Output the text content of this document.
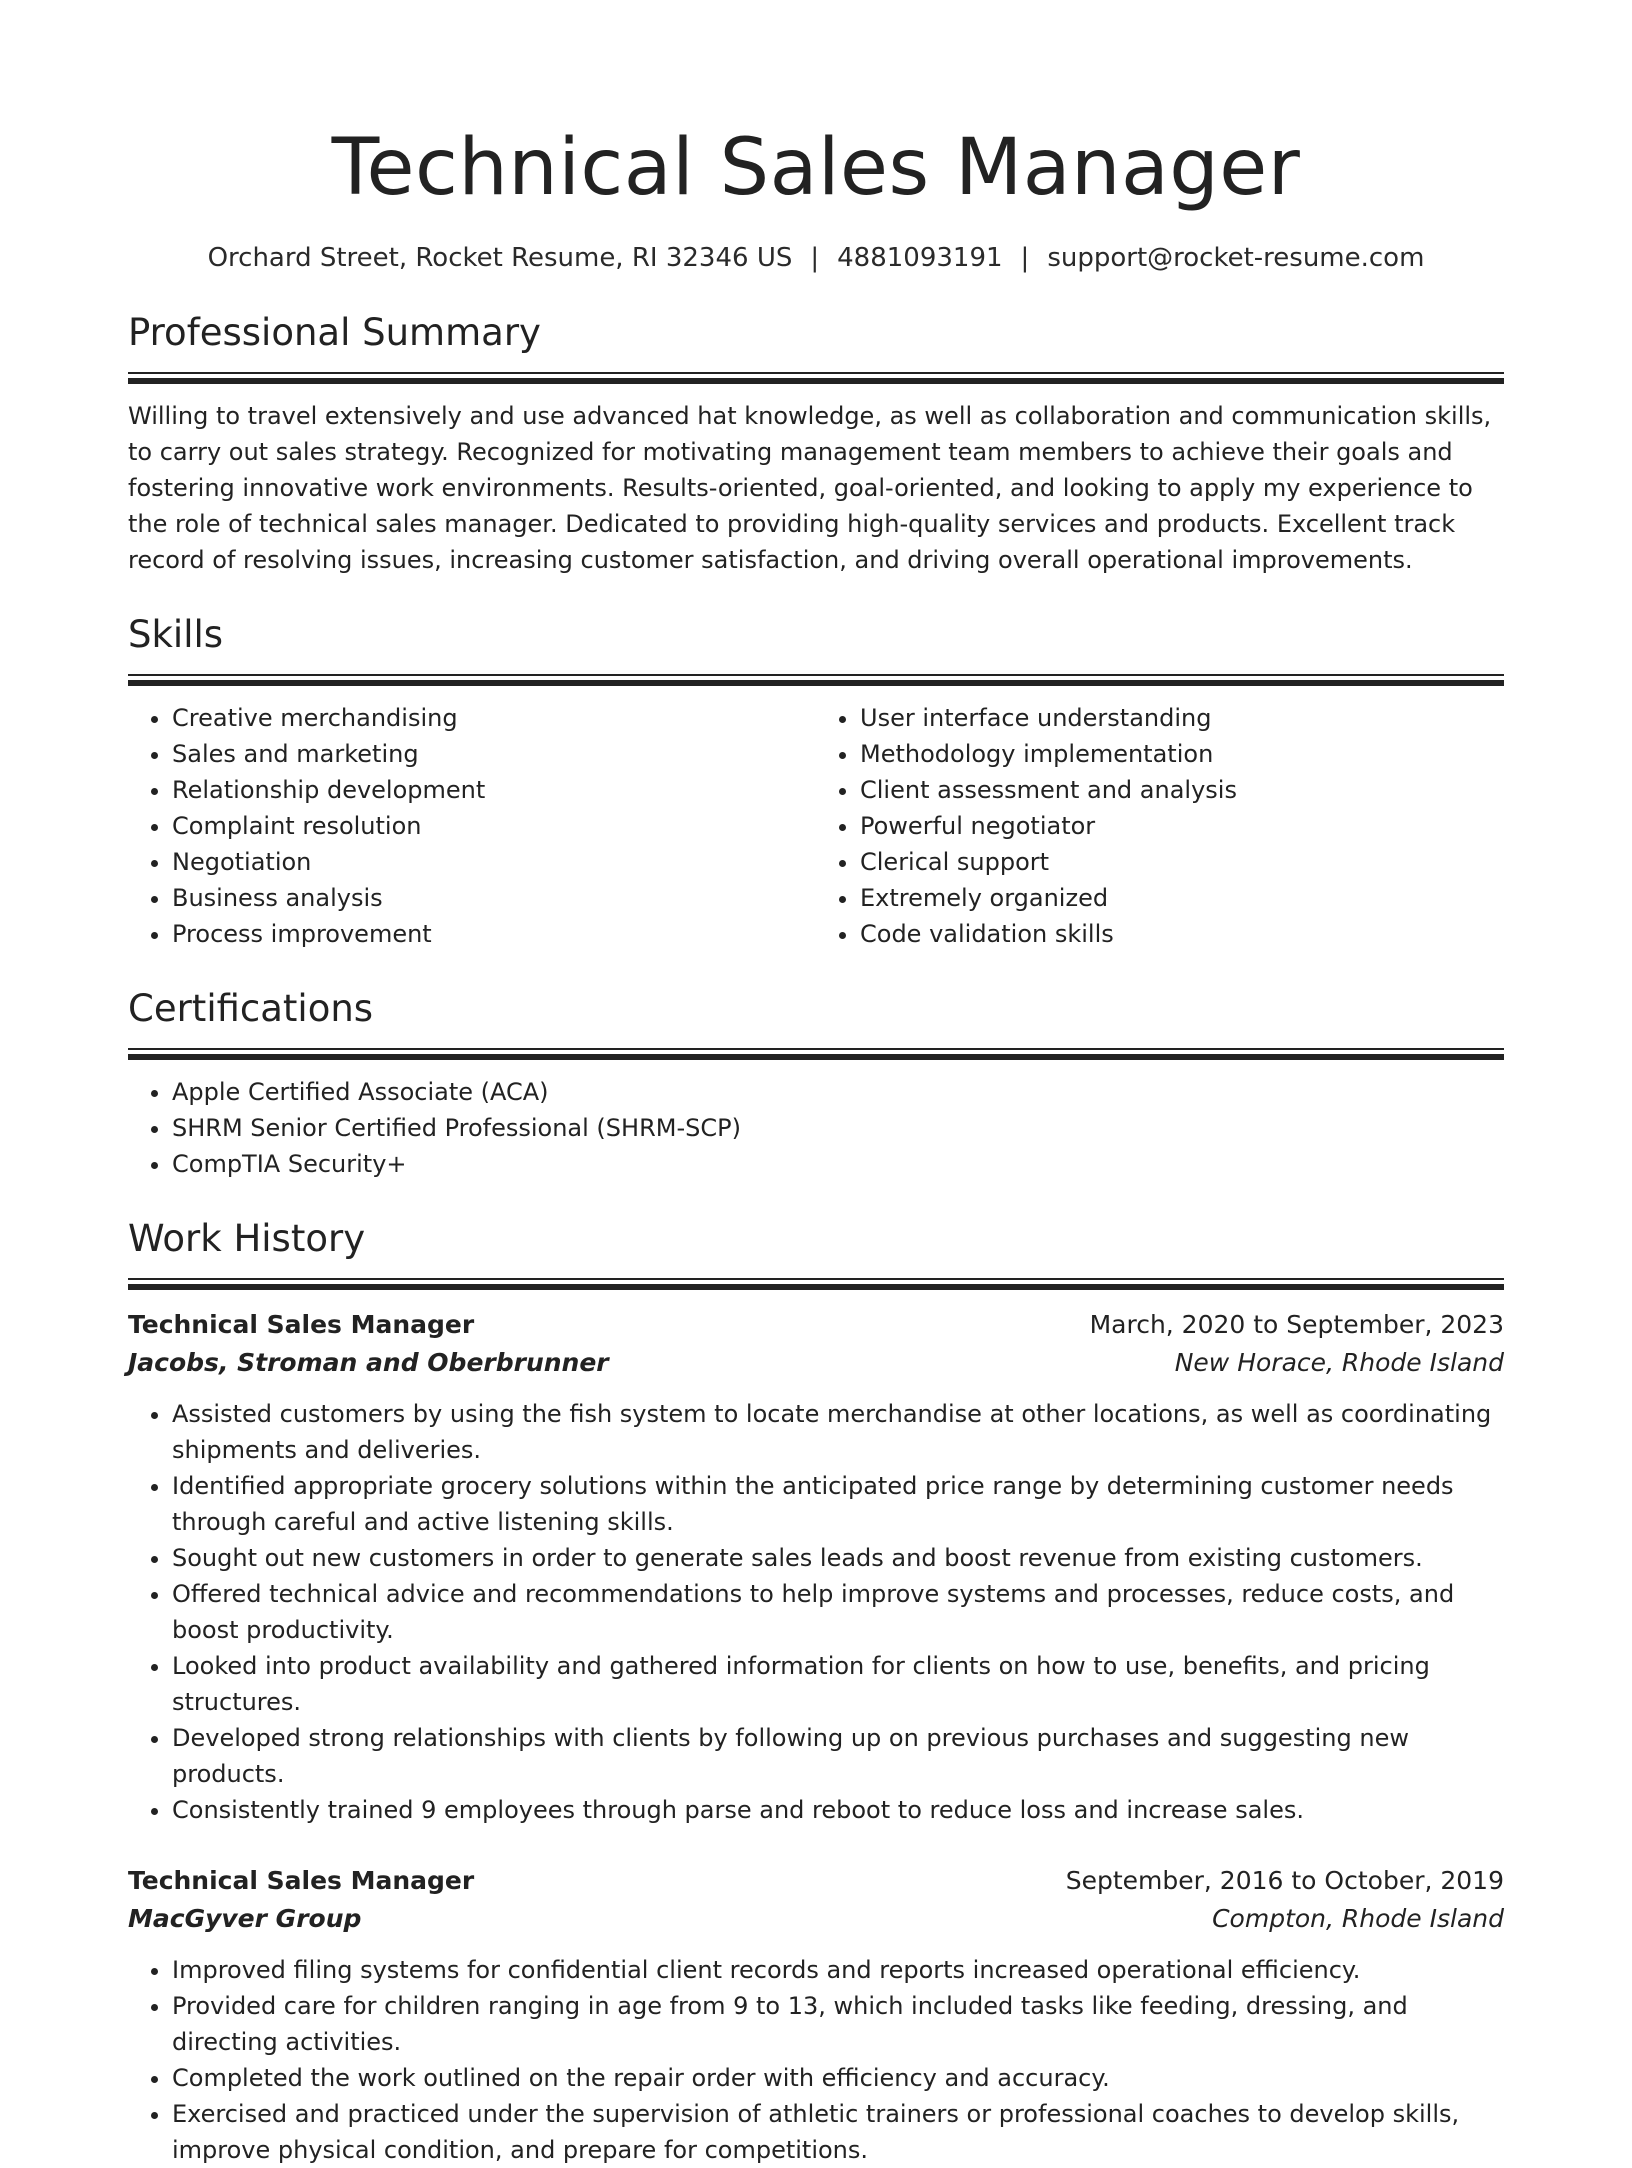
Technical Sales Manager
Orchard Street, Rocket Resume, RI 32346 US | 4881093191 | support@rocket-resume.com
Professional Summary

Willing to travel extensively and use advanced hat knowledge, as well as collaboration and communication skills, to carry out sales strategy. Recognized for motivating management team members to achieve their goals and fostering innovative work environments. Results-oriented, goal-oriented, and looking to apply my experience to the role of technical sales manager. Dedicated to providing high-quality services and products. Excellent track record of resolving issues, increasing customer satisfaction, and driving overall operational improvements.

Skills
• Creative merchandising
• Sales and marketing
• Relationship development
• Complaint resolution
• Negotiation
• Business analysis
• Process improvement
• User interface understanding
• Methodology implementation
• Client assessment and analysis
• Powerful negotiator
• Clerical support
• Extremely organized
• Code validation skills
Certifications
• Apple Certified Associate (ACA)
• SHRM Senior Certified Professional (SHRM-SCP)
• CompTIA Security+
Work History
Technical Sales Manager	March, 2020 to September, 2023
Jacobs, Stroman and Oberbrunner	New Horace, Rhode Island
• Assisted customers by using the fish system to locate merchandise at other locations, as well as coordinating shipments and deliveries.
• Identified appropriate grocery solutions within the anticipated price range by determining customer needs through careful and active listening skills.
• Sought out new customers in order to generate sales leads and boost revenue from existing customers.
• Offered technical advice and recommendations to help improve systems and processes, reduce costs, and boost productivity.
• Looked into product availability and gathered information for clients on how to use, benefits, and pricing structures.
• Developed strong relationships with clients by following up on previous purchases and suggesting new products.
• Consistently trained 9 employees through parse and reboot to reduce loss and increase sales.
Technical Sales Manager	September, 2016 to October, 2019
MacGyver Group	Compton, Rhode Island
• Improved filing systems for confidential client records and reports increased operational efficiency.
• Provided care for children ranging in age from 9 to 13, which included tasks like feeding, dressing, and directing activities.
• Completed the work outlined on the repair order with efficiency and accuracy.
• Exercised and practiced under the supervision of athletic trainers or professional coaches to develop skills, improve physical condition, and prepare for competitions.
